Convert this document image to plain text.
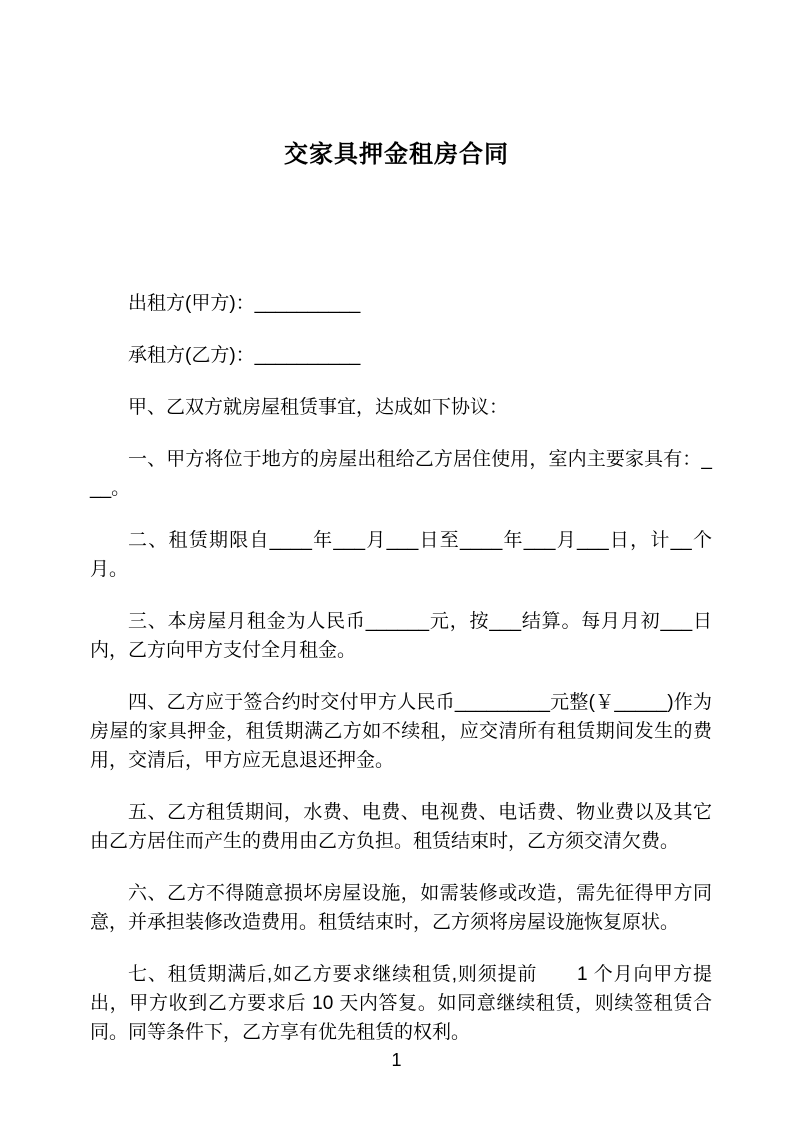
交家具押金租房合同

出租方(甲方)：__________

承租方(乙方)：__________

甲、乙双方就房屋租赁事宜，达成如下协议：

一、甲方将位于地方的房屋出租给乙方居住使用，室内主要家具有：___。

二、租赁期限自____年___月___日至____年___月___日，计__个月。

三、本房屋月租金为人民币______元，按___结算。每月月初___日内，乙方向甲方支付全月租金。

四、乙方应于签合约时交付甲方人民币_________元整(￥_____)作为房屋的家具押金，租赁期满乙方如不续租，应交清所有租赁期间发生的费用，交清后，甲方应无息退还押金。

五、乙方租赁期间，水费、电费、电视费、电话费、物业费以及其它由乙方居住而产生的费用由乙方负担。租赁结束时，乙方须交清欠费。

六、乙方不得随意损坏房屋设施，如需装修或改造，需先征得甲方同意，并承担装修改造费用。租赁结束时，乙方须将房屋设施恢复原状。

七、租赁期满后,如乙方要求继续租赁,则须提前　　1 个月向甲方提出，甲方收到乙方要求后 10 天内答复。如同意继续租赁，则续签租赁合同。同等条件下，乙方享有优先租赁的权利。

1
